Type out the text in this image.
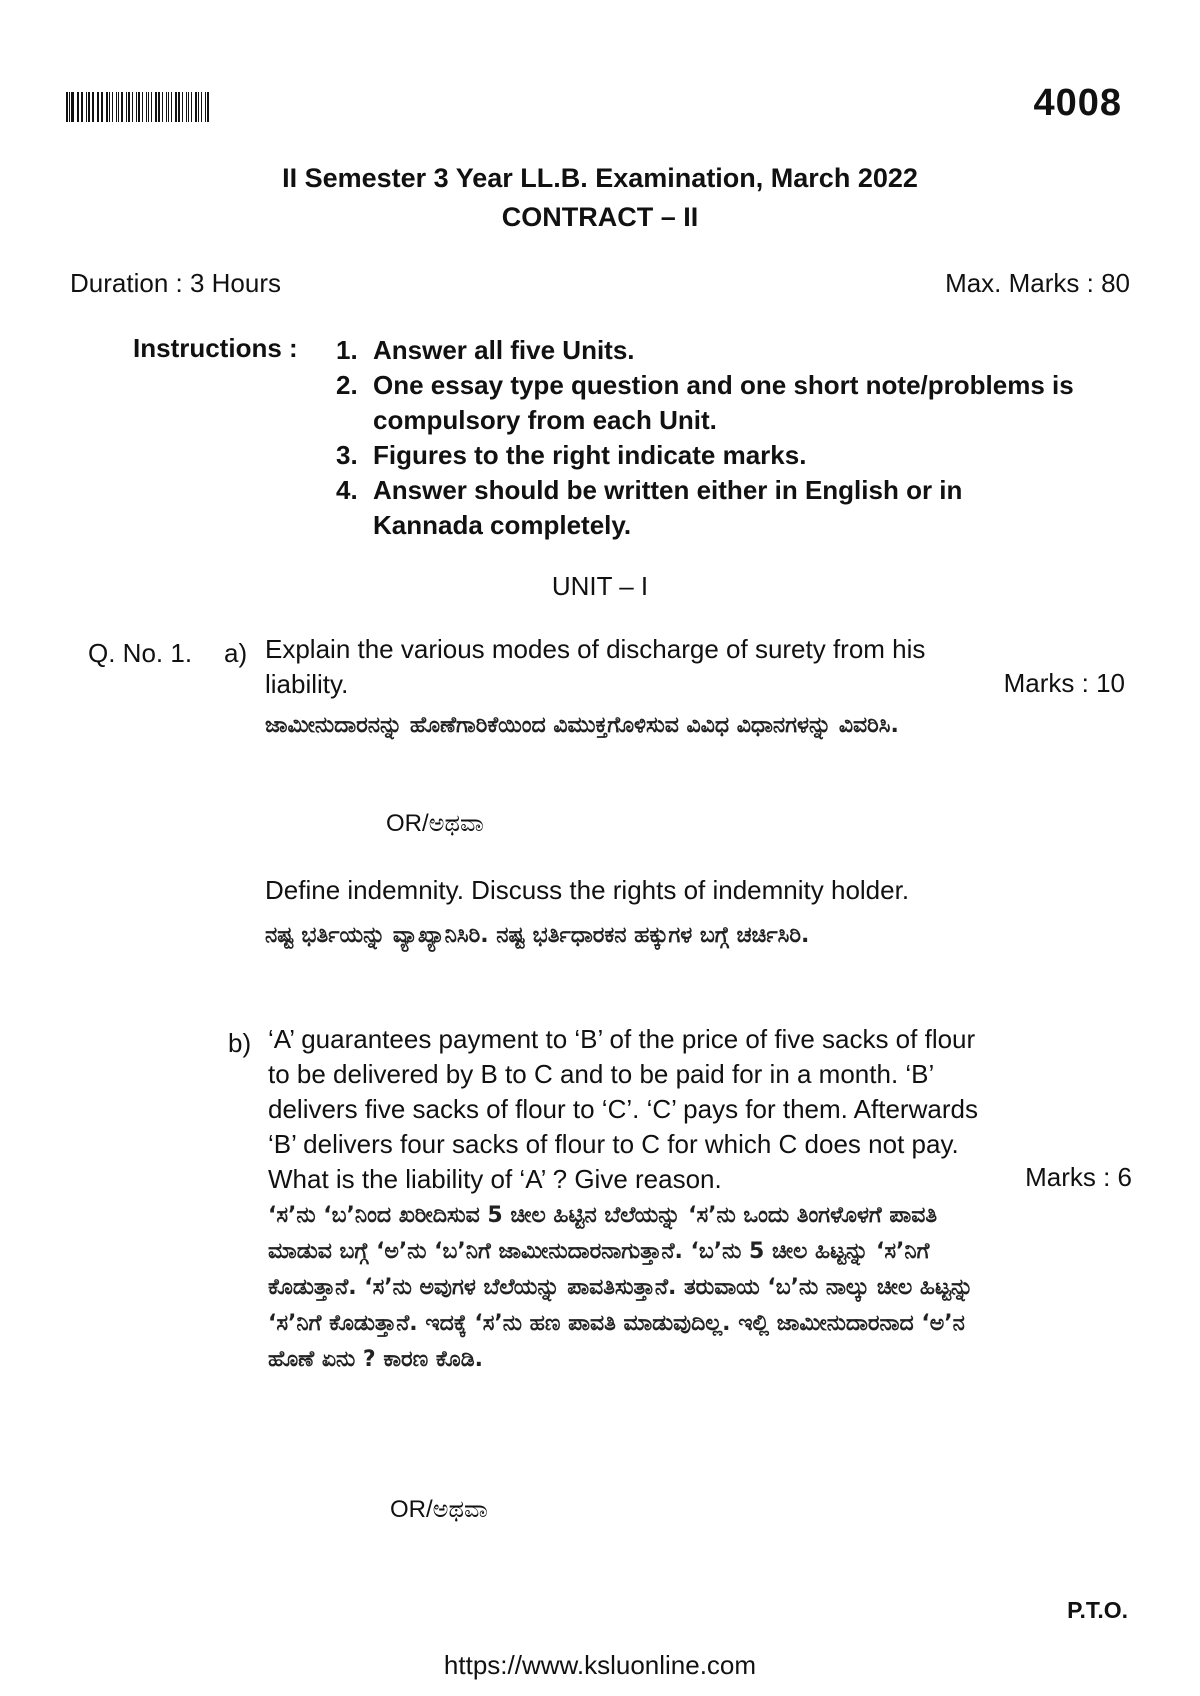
4008
II Semester 3 Year LL.B. Examination, March 2022
CONTRACT – II
Duration : 3 Hours	Max. Marks : 80
Instructions : 1. Answer all five Units.
2. One essay type question and one short note/problems is compulsory from each Unit.
3. Figures to the right indicate marks.
4. Answer should be written either in English or in Kannada completely.
UNIT – I
Q. No. 1. a) Explain the various modes of discharge of surety from his liability.	Marks : 10
ಜಾಮೀನುದಾರನನ್ನು ಹೊಣೆಗಾರಿಕೆಯಿಂದ ವಿಮುಕ್ತಗೊಳಿಸುವ ವಿವಿಧ ವಿಧಾನಗಳನ್ನು ವಿವರಿಸಿ.
OR/ಅಥವಾ
Define indemnity. Discuss the rights of indemnity holder.
ನಷ್ಟ ಭರ್ತಿಯನ್ನು ವ್ಯಾಖ್ಯಾನಿಸಿರಿ. ನಷ್ಟ ಭರ್ತಿಧಾರಕನ ಹಕ್ಕುಗಳ ಬಗ್ಗೆ ಚರ್ಚಿಸಿರಿ.
b) ‘A’ guarantees payment to ‘B’ of the price of five sacks of flour to be delivered by B to C and to be paid for in a month. ‘B’ delivers five sacks of flour to ‘C’. ‘C’ pays for them. Afterwards ‘B’ delivers four sacks of flour to C for which C does not pay. What is the liability of ‘A’ ? Give reason.	Marks : 6
‘ಸ’ನು ‘ಬ’ನಿಂದ ಖರೀದಿಸುವ 5 ಚೀಲ ಹಿಟ್ಟಿನ ಬೆಲೆಯನ್ನು ‘ಸ’ನು ಒಂದು ತಿಂಗಳೊಳಗೆ ಪಾವತಿ ಮಾಡುವ ಬಗ್ಗೆ ‘ಅ’ನು ‘ಬ’ನಿಗೆ ಜಾಮೀನುದಾರನಾಗುತ್ತಾನೆ. ‘ಬ’ನು 5 ಚೀಲ ಹಿಟ್ಟನ್ನು ‘ಸ’ನಿಗೆ ಕೊಡುತ್ತಾನೆ. ‘ಸ’ನು ಅವುಗಳ ಬೆಲೆಯನ್ನು ಪಾವತಿಸುತ್ತಾನೆ. ತರುವಾಯ ‘ಬ’ನು ನಾಲ್ಕು ಚೀಲ ಹಿಟ್ಟನ್ನು ‘ಸ’ನಿಗೆ ಕೊಡುತ್ತಾನೆ. ಇದಕ್ಕೆ ‘ಸ’ನು ಹಣ ಪಾವತಿ ಮಾಡುವುದಿಲ್ಲ. ಇಲ್ಲಿ ಜಾಮೀನುದಾರನಾದ ‘ಅ’ನ ಹೊಣೆ ಏನು ? ಕಾರಣ ಕೊಡಿ.
OR/ಅಥವಾ
P.T.O.
https://www.ksluonline.com
